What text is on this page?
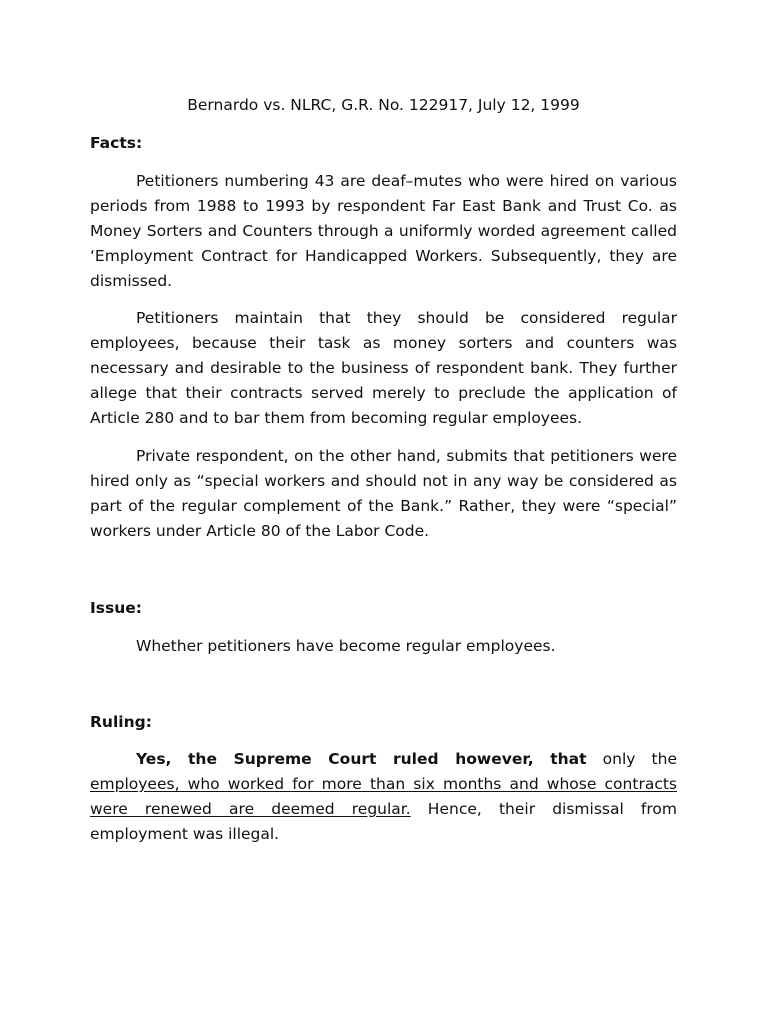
Bernardo vs. NLRC, G.R. No. 122917, July 12, 1999
Facts:

Petitioners numbering 43 are deaf–mutes who were hired on various periods from 1988 to 1993 by respondent Far East Bank and Trust Co. as Money Sorters and Counters through a uniformly worded agreement called ‘Employment Contract for Handicapped Workers. Subsequently, they are dismissed.

Petitioners maintain that they should be considered regular employees, because their task as money sorters and counters was necessary and desirable to the business of respondent bank. They further allege that their contracts served merely to preclude the application of Article 280 and to bar them from becoming regular employees.

Private respondent, on the other hand, submits that petitioners were hired only as “special workers and should not in any way be considered as part of the regular complement of the Bank.” Rather, they were “special” workers under Article 80 of the Labor Code.

Issue:

Whether petitioners have become regular employees.

Ruling:

Yes, the Supreme Court ruled however, that only the employees, who worked for more than six months and whose contracts were renewed are deemed regular. Hence, their dismissal from employment was illegal.
